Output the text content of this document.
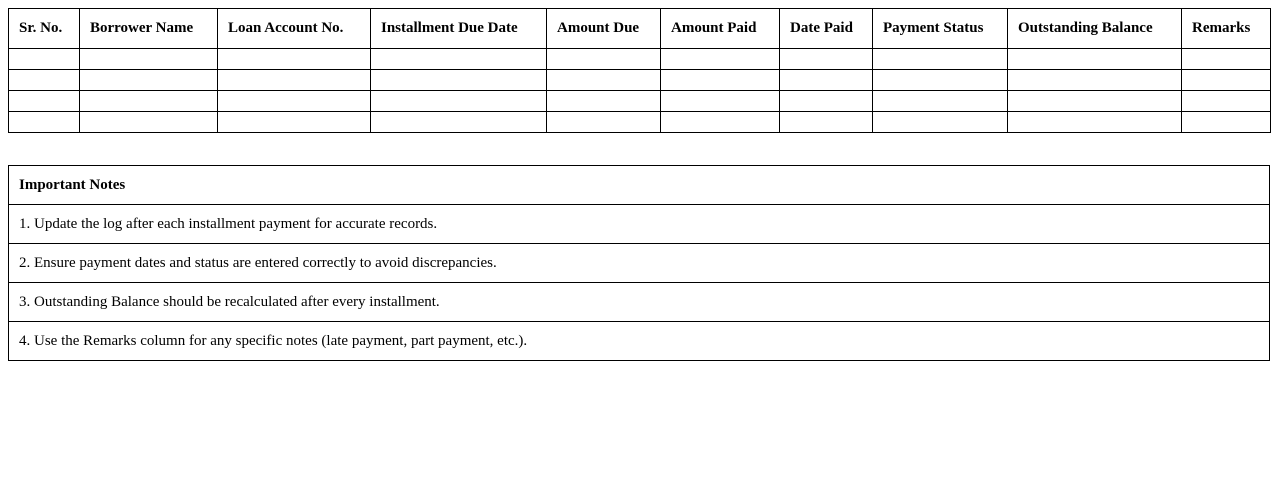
Sr. No.	Borrower Name	Loan Account No.	Installment Due Date	Amount Due	Amount Paid	Date Paid	Payment Status	Outstanding Balance	Remarks

Important Notes
1. Update the log after each installment payment for accurate records.
2. Ensure payment dates and status are entered correctly to avoid discrepancies.
3. Outstanding Balance should be recalculated after every installment.
4. Use the Remarks column for any specific notes (late payment, part payment, etc.).
